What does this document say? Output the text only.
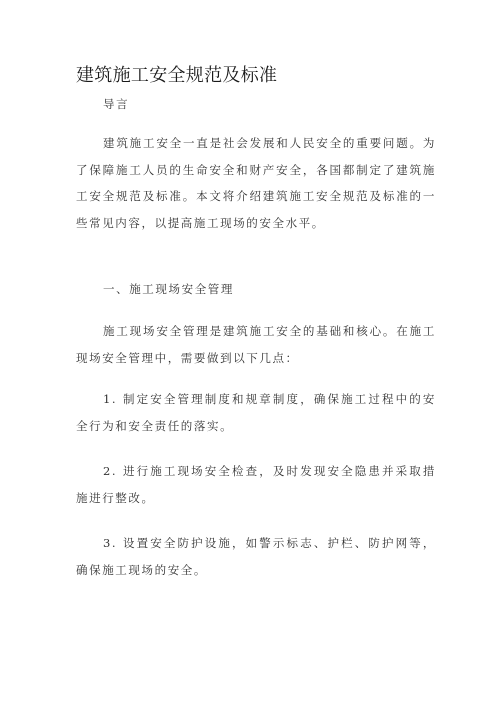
建筑施工安全规范及标准
导言

建筑施工安全一直是社会发展和人民安全的重要问题。为了保障施工人员的生命安全和财产安全，各国都制定了建筑施工安全规范及标准。本文将介绍建筑施工安全规范及标准的一些常见内容，以提高施工现场的安全水平。

一、施工现场安全管理

施工现场安全管理是建筑施工安全的基础和核心。在施工现场安全管理中，需要做到以下几点：

1. 制定安全管理制度和规章制度，确保施工过程中的安全行为和安全责任的落实。

2. 进行施工现场安全检查，及时发现安全隐患并采取措施进行整改。

3. 设置安全防护设施，如警示标志、护栏、防护网等，确保施工现场的安全。
